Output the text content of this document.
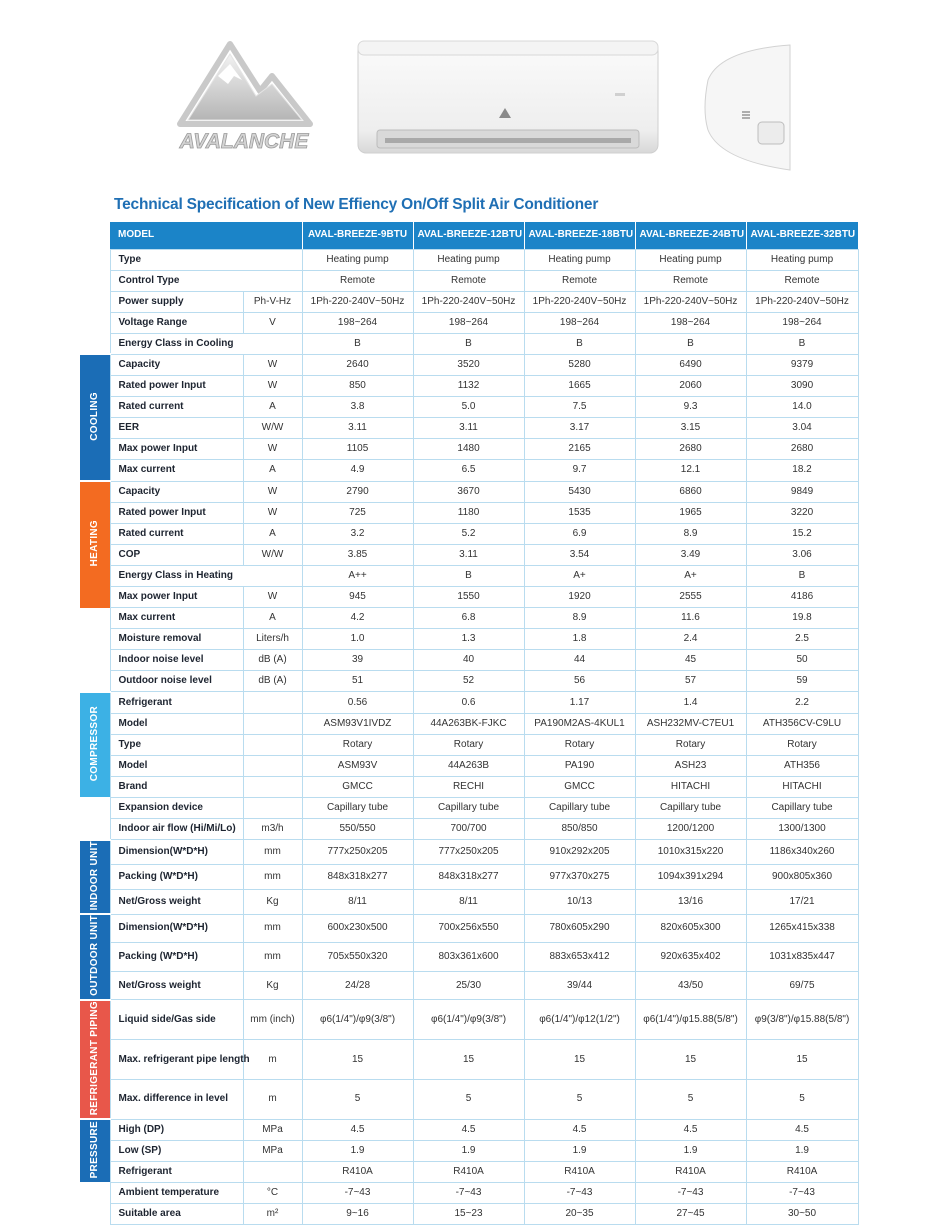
AVALANCHE
Technical Specification of New Effiency On/Off Split Air Conditioner
	MODEL		AVAL-BREEZE-9BTU	AVAL-BREEZE-12BTU	AVAL-BREEZE-18BTU	AVAL-BREEZE-24BTU	AVAL-BREEZE-32BTU
	Type		Heating pump	Heating pump	Heating pump	Heating pump	Heating pump
	Control Type		Remote	Remote	Remote	Remote	Remote
	Power supply	Ph-V-Hz	1Ph-220-240V~50Hz	1Ph-220-240V~50Hz	1Ph-220-240V~50Hz	1Ph-220-240V~50Hz	1Ph-220-240V~50Hz
	Voltage Range	V	198~264	198~264	198~264	198~264	198~264
	Energy Class in Cooling		B	B	B	B	B
COOLING	Capacity	W	2640	3520	5280	6490	9379
	Rated power Input	W	850	1132	1665	2060	3090
	Rated current	A	3.8	5.0	7.5	9.3	14.0
	EER	W/W	3.11	3.11	3.17	3.15	3.04
	Max power Input	W	1105	1480	2165	2680	2680
	Max current	A	4.9	6.5	9.7	12.1	18.2
HEATING	Capacity	W	2790	3670	5430	6860	9849
	Rated power Input	W	725	1180	1535	1965	3220
	Rated current	A	3.2	5.2	6.9	8.9	15.2
	COP	W/W	3.85	3.11	3.54	3.49	3.06
	Energy Class in Heating		A++	B	A+	A+	B
	Max power Input	W	945	1550	1920	2555	4186
	Max current	A	4.2	6.8	8.9	11.6	19.8
	Moisture removal	Liters/h	1.0	1.3	1.8	2.4	2.5
	Indoor noise level	dB (A)	39	40	44	45	50
	Outdoor noise level	dB (A)	51	52	56	57	59
COMPRESSOR	Refrigerant		0.56	0.6	1.17	1.4	2.2
	Model		ASM93V1IVDZ	44A263BK-FJKC	PA190M2AS-4KUL1	ASH232MV-C7EU1	ATH356CV-C9LU
	Type		Rotary	Rotary	Rotary	Rotary	Rotary
	Model		ASM93V	44A263B	PA190	ASH23	ATH356
	Brand		GMCC	RECHI	GMCC	HITACHI	HITACHI
	Expansion device		Capillary tube	Capillary tube	Capillary tube	Capillary tube	Capillary tube
	Indoor air flow (Hi/Mi/Lo)	m3/h	550/550	700/700	850/850	1200/1200	1300/1300
INDOOR UNIT	Dimension(W*D*H)	mm	777x250x205	777x250x205	910x292x205	1010x315x220	1186x340x260
	Packing (W*D*H)	mm	848x318x277	848x318x277	977x370x275	1094x391x294	900x805x360
	Net/Gross weight	Kg	8/11	8/11	10/13	13/16	17/21
OUTDOOR UNIT	Dimension(W*D*H)	mm	600x230x500	700x256x550	780x605x290	820x605x300	1265x415x338
	Packing (W*D*H)	mm	705x550x320	803x361x600	883x653x412	920x635x402	1031x835x447
	Net/Gross weight	Kg	24/28	25/30	39/44	43/50	69/75
REFRIGERANT PIPING	Liquid side/Gas side	mm (inch)	φ6(1/4")/φ9(3/8")	φ6(1/4")/φ9(3/8")	φ6(1/4")/φ12(1/2")	φ6(1/4")/φ15.88(5/8")	φ9(3/8")/φ15.88(5/8")
	Max. refrigerant pipe length	m	15	15	15	15	15
	Max. difference in level	m	5	5	5	5	5
PRESSURE	High (DP)	MPa	4.5	4.5	4.5	4.5	4.5
	Low (SP)	MPa	1.9	1.9	1.9	1.9	1.9
	Refrigerant		R410A	R410A	R410A	R410A	R410A
	Ambient temperature	°C	-7~43	-7~43	-7~43	-7~43	-7~43
	Suitable area	m²	9~16	15~23	20~35	27~45	30~50
